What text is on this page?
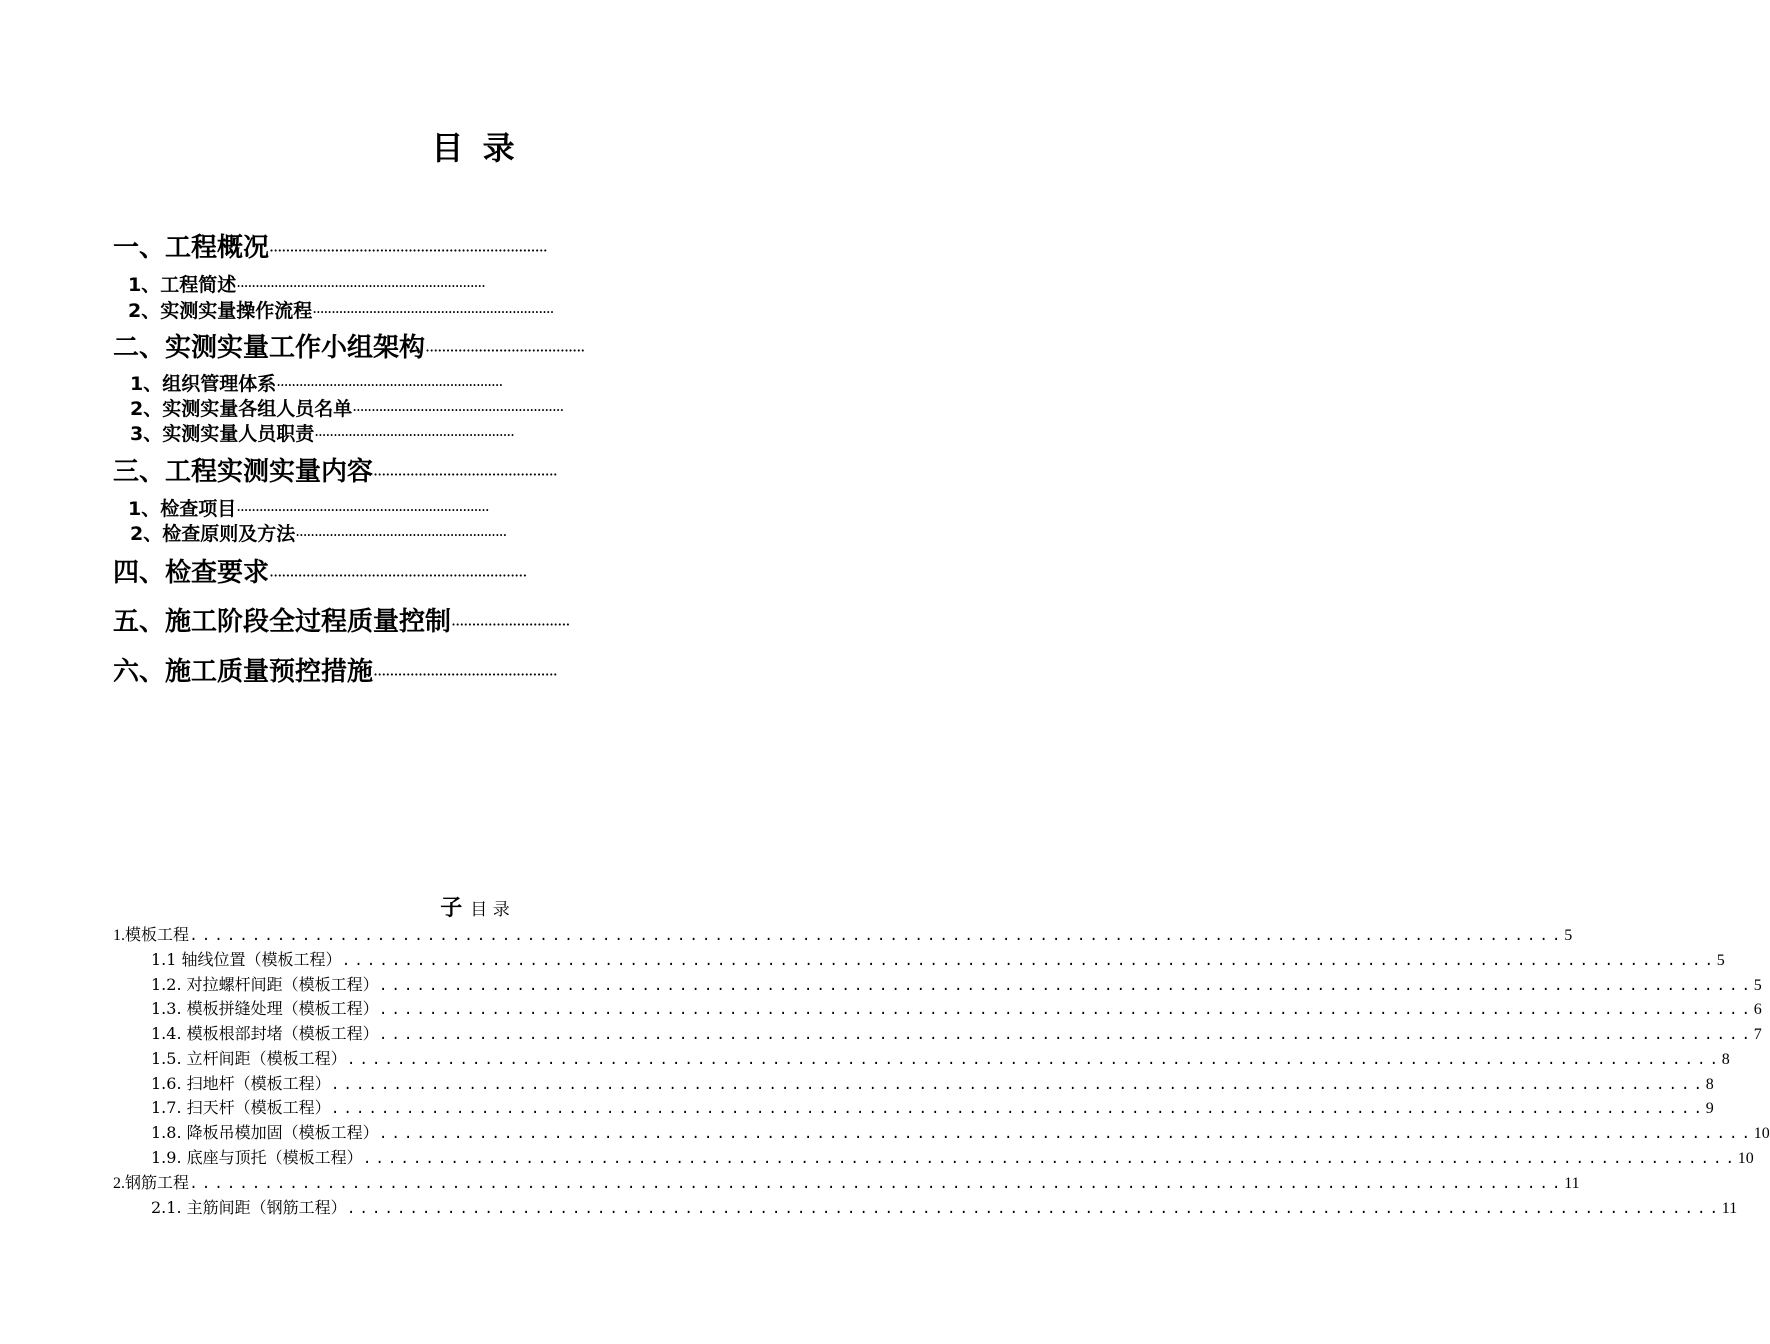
目 录
一、工程概况····································································
1、工程简述··································································
2、实测实量操作流程································································
二、实测实量工作小组架构·······································
1、组织管理体系····························································
2、实测实量各组人员名单························································
3、实测实量人员职责·····················································
三、工程实测实量内容·············································
1、检查项目···································································
2、检查原则及方法························································
四、检查要求·······························································
五、施工阶段全过程质量控制·····························
六、施工质量预控措施·············································
子 目 录
1. 模板工程 .............................................................................................................. 5
1.1 轴线位置（模板工程） .............................................................................................................. 5
1.2. 对拉螺杆间距（模板工程） .............................................................................................................. 5
1.3. 模板拼缝处理（模板工程） .............................................................................................................. 6
1.4. 模板根部封堵（模板工程） .............................................................................................................. 7
1.5. 立杆间距（模板工程） .............................................................................................................. 8
1.6. 扫地杆（模板工程） .............................................................................................................. 8
1.7. 扫天杆（模板工程） .............................................................................................................. 9
1.8. 降板吊模加固（模板工程） .............................................................................................................. 10
1.9. 底座与顶托（模板工程） .............................................................................................................. 10
2. 钢筋工程 .............................................................................................................. 11
2.1. 主筋间距（钢筋工程） .............................................................................................................. 11
